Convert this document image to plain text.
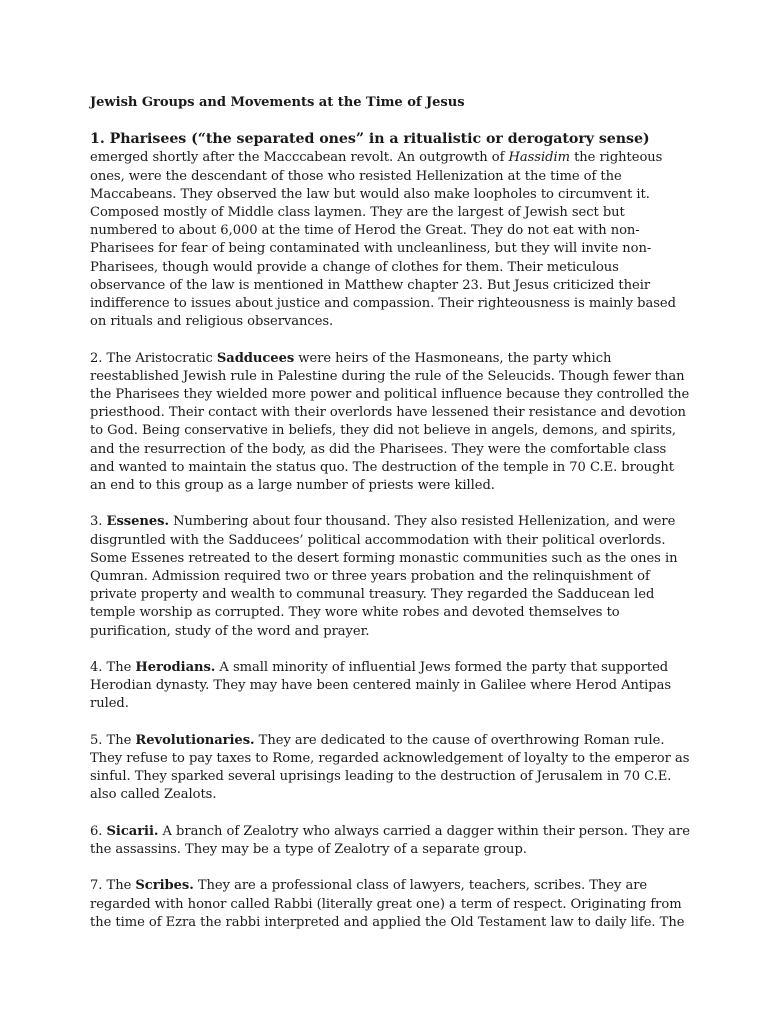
Jewish Groups and Movements at the Time of Jesus

1. Pharisees (“the separated ones” in a ritualistic or derogatory sense) emerged shortly after the Macccabean revolt. An outgrowth of Hassidim the righteous ones, were the descendant of those who resisted Hellenization at the time of the Maccabeans. They observed the law but would also make loopholes to circumvent it. Composed mostly of Middle class laymen. They are the largest of Jewish sect but numbered to about 6,000 at the time of Herod the Great. They do not eat with non-Pharisees for fear of being contaminated with uncleanliness, but they will invite non-Pharisees, though would provide a change of clothes for them. Their meticulous observance of the law is mentioned in Matthew chapter 23. But Jesus criticized their indifference to issues about justice and compassion. Their righteousness is mainly based on rituals and religious observances.

2. The Aristocratic Sadducees were heirs of the Hasmoneans, the party which reestablished Jewish rule in Palestine during the rule of the Seleucids. Though fewer than the Pharisees they wielded more power and political influence because they controlled the priesthood. Their contact with their overlords have lessened their resistance and devotion to God. Being conservative in beliefs, they did not believe in angels, demons, and spirits, and the resurrection of the body, as did the Pharisees. They were the comfortable class and wanted to maintain the status quo. The destruction of the temple in 70 C.E. brought an end to this group as a large number of priests were killed.

3. Essenes. Numbering about four thousand. They also resisted Hellenization, and were disgruntled with the Sadducees’ political accommodation with their political overlords. Some Essenes retreated to the desert forming monastic communities such as the ones in Qumran. Admission required two or three years probation and the relinquishment of private property and wealth to communal treasury. They regarded the Sadducean led temple worship as corrupted. They wore white robes and devoted themselves to purification, study of the word and prayer.

4. The Herodians. A small minority of influential Jews formed the party that supported Herodian dynasty. They may have been centered mainly in Galilee where Herod Antipas ruled.

5. The Revolutionaries. They are dedicated to the cause of overthrowing Roman rule. They refuse to pay taxes to Rome, regarded acknowledgement of loyalty to the emperor as sinful. They sparked several uprisings leading to the destruction of Jerusalem in 70 C.E. also called Zealots.

6. Sicarii. A branch of Zealotry who always carried a dagger within their person. They are the assassins. They may be a type of Zealotry of a separate group.

7. The Scribes. They are a professional class of lawyers, teachers, scribes. They are regarded with honor called Rabbi (literally great one) a term of respect. Originating from the time of Ezra the rabbi interpreted and applied the Old Testament law to daily life. The
